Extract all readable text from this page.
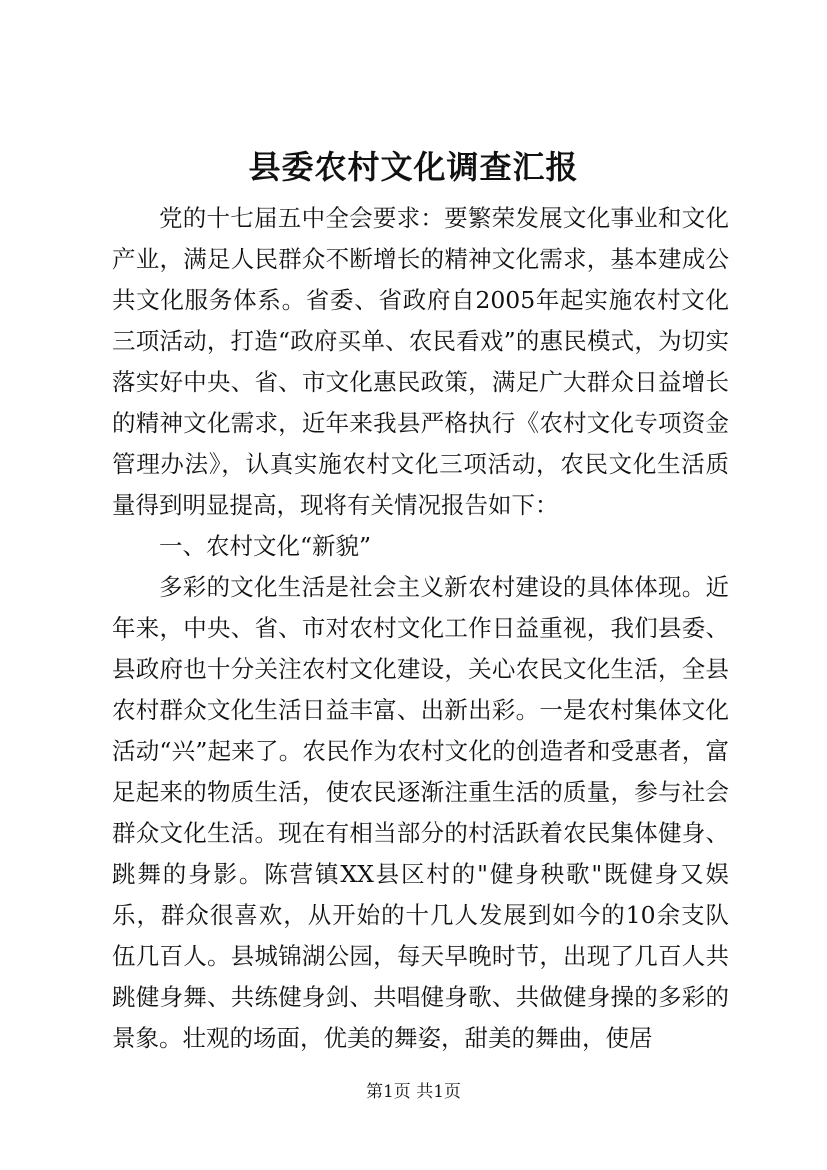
县委农村文化调查汇报

党的十七届五中全会要求：要繁荣发展文化事业和文化产业，满足人民群众不断增长的精神文化需求，基本建成公共文化服务体系。省委、省政府自2005年起实施农村文化三项活动，打造“政府买单、农民看戏”的惠民模式，为切实落实好中央、省、市文化惠民政策，满足广大群众日益增长的精神文化需求，近年来我县严格执行《农村文化专项资金管理办法》，认真实施农村文化三项活动，农民文化生活质量得到明显提高，现将有关情况报告如下：

一、农村文化“新貌”

多彩的文化生活是社会主义新农村建设的具体体现。近年来，中央、省、市对农村文化工作日益重视，我们县委、县政府也十分关注农村文化建设，关心农民文化生活，全县农村群众文化生活日益丰富、出新出彩。一是农村集体文化活动“兴”起来了。农民作为农村文化的创造者和受惠者，富足起来的物质生活，使农民逐渐注重生活的质量，参与社会群众文化生活。现在有相当部分的村活跃着农民集体健身、跳舞的身影。陈营镇XX县区村的"健身秧歌"既健身又娱乐，群众很喜欢，从开始的十几人发展到如今的10余支队伍几百人。县城锦湖公园，每天早晚时节，出现了几百人共跳健身舞、共练健身剑、共唱健身歌、共做健身操的多彩的景象。壮观的场面，优美的舞姿，甜美的舞曲，使居

第1页 共1页
